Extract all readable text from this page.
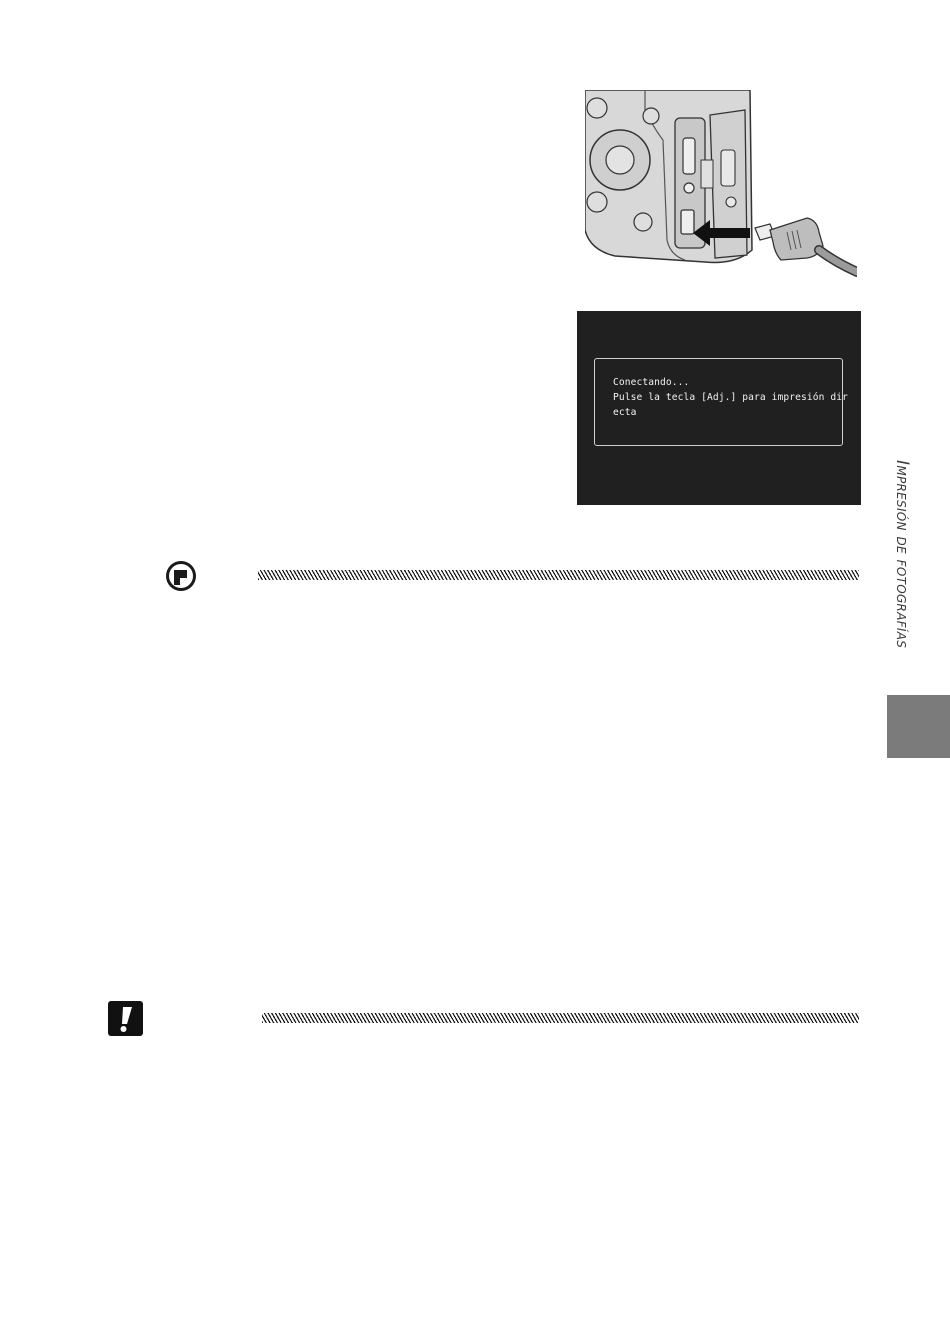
Conectando...
Pulse la tecla [Adj.] para impresión dir
ecta
Impresión de fotografías
